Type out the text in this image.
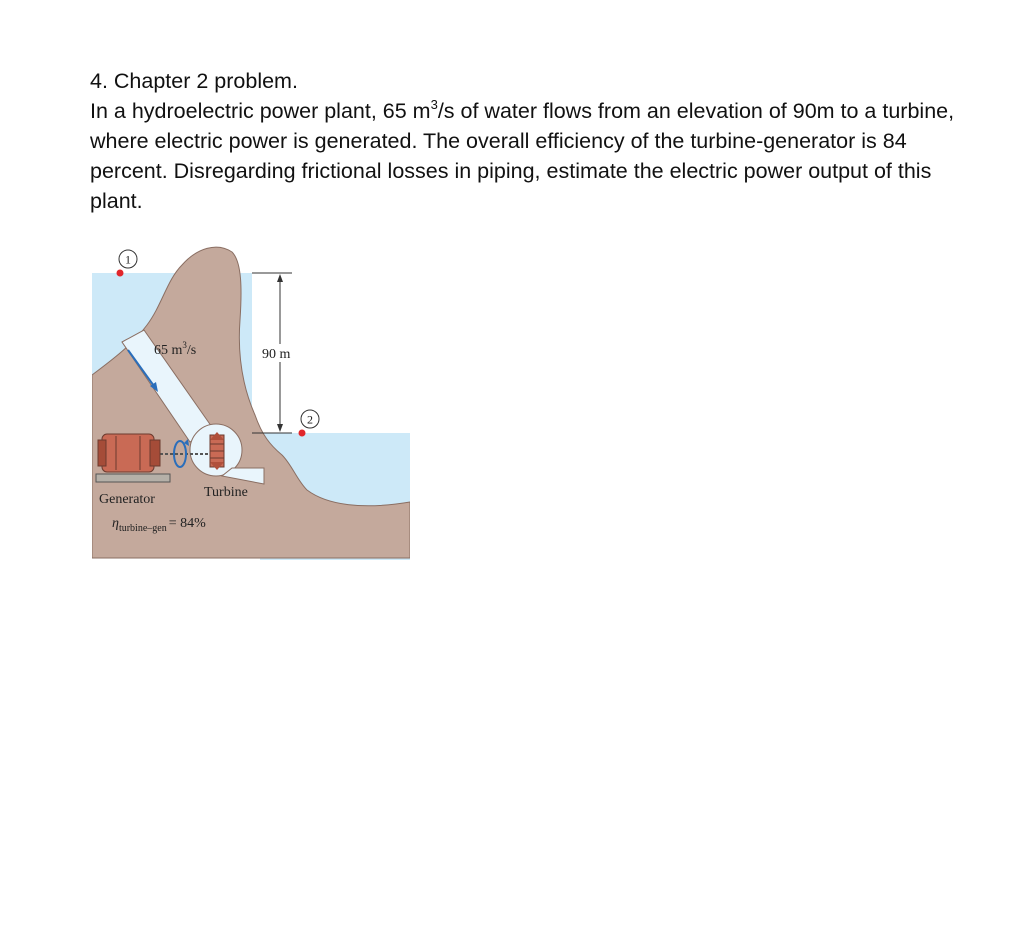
4. Chapter 2 problem.

In a hydroelectric power plant, 65 $m^3/s$ of water flows from an elevation of 90m to a turbine, where electric power is generated. The overall efficiency of the turbine-generator is 84 percent. Disregarding frictional losses in piping, estimate the electric power output of this plant.

1
2
65 $m^3/s$	90 m
Turbine
Generator
$\eta_{turbine-gen} = 84\%$
